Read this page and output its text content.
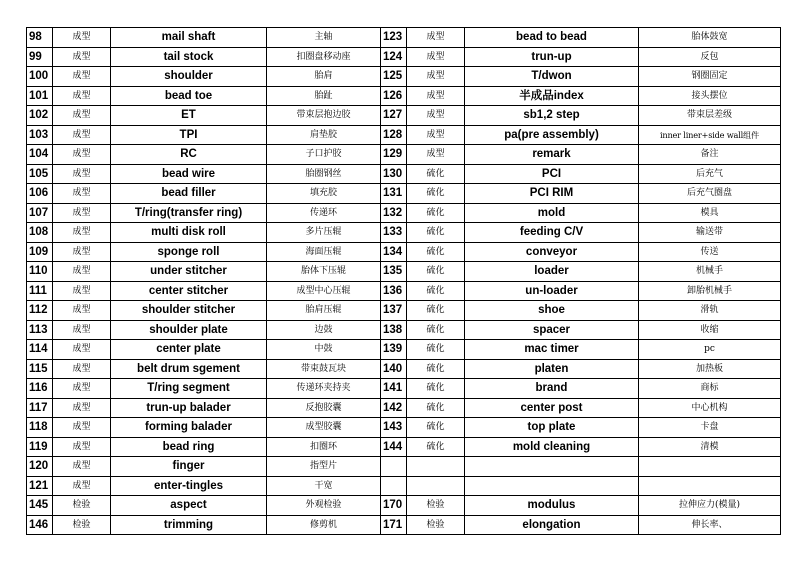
98	成型	mail shaft	主轴	123	成型	bead to bead	胎体鼓宽
99	成型	tail stock	扣圈盘移动座	124	成型	trun-up	反包
100	成型	shoulder	胎肩	125	成型	T/dwon	钢圈固定
101	成型	bead toe	胎趾	126	成型	半成品index	接头摆位
102	成型	ET	带束层抱边胶	127	成型	sb1,2 step	带束层差级
103	成型	TPI	肩垫胶	128	成型	pa(pre assembly)	inner liner+side wall组件
104	成型	RC	子口护胶	129	成型	remark	备注
105	成型	bead wire	胎圈钢丝	130	硫化	PCI	后充气
106	成型	bead filler	填充胶	131	硫化	PCI RIM	后充气圈盘
107	成型	T/ring(transfer ring)	传递环	132	硫化	mold	模具
108	成型	multi disk roll	多片压辊	133	硫化	feeding C/V	输送带
109	成型	sponge roll	海面压辊	134	硫化	conveyor	传送
110	成型	under stitcher	胎体下压辊	135	硫化	loader	机械手
111	成型	center stitcher	成型中心压辊	136	硫化	un-loader	卸胎机械手
112	成型	shoulder stitcher	胎肩压辊	137	硫化	shoe	滑轨
113	成型	shoulder plate	边鼓	138	硫化	spacer	收缩
114	成型	center plate	中鼓	139	硫化	mac timer	pc
115	成型	belt drum sgement	带束鼓瓦块	140	硫化	platen	加热板
116	成型	T/ring segment	传递环夹持夹	141	硫化	brand	商标
117	成型	trun-up balader	反抱胶囊	142	硫化	center post	中心机构
118	成型	forming balader	成型胶囊	143	硫化	top plate	卡盘
119	成型	bead ring	扣圈环	144	硫化	mold cleaning	清模
120	成型	finger	指型片				
121	成型	enter-tingles	干宽				
145	检验	aspect	外观检验	170	检验	modulus	拉伸应力(模量)
146	检验	trimming	修剪机	171	检验	elongation	伸长率、
